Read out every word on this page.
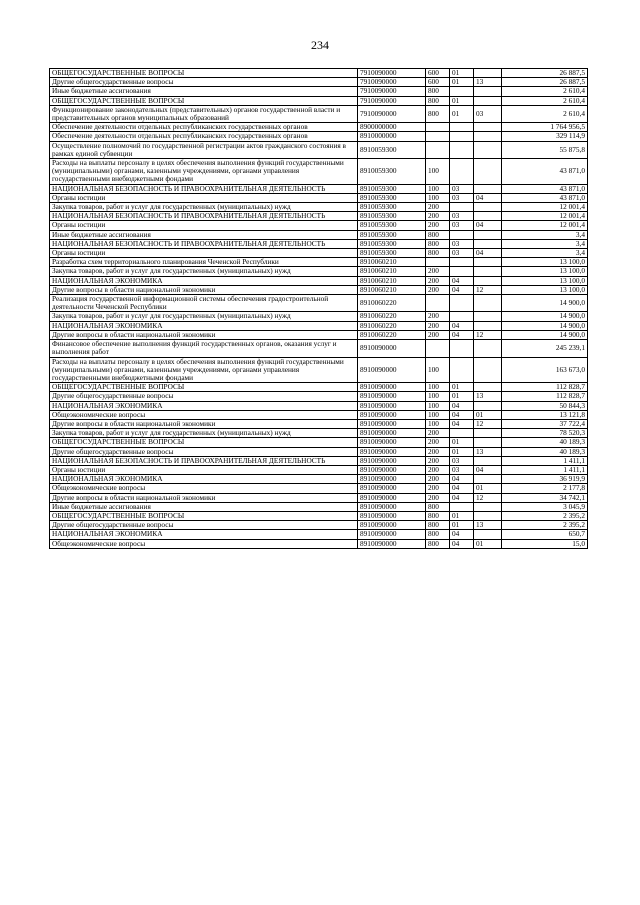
234
ОБЩЕГОСУДАРСТВЕННЫЕ ВОПРОСЫ	7910090000	600	01		26 887,5
Другие общегосударственные вопросы	7910090000	600	01	13	26 887,5
Иные бюджетные ассигнования	7910090000	800			2 610,4
ОБЩЕГОСУДАРСТВЕННЫЕ ВОПРОСЫ	7910090000	800	01		2 610,4
Функционирование законодательных (представительных) органов государственной власти и представительных органов муниципальных образований	7910090000	800	01	03	2 610,4
Обеспечение деятельности отдельных республиканских государственных органов	8900000000				1 764 956,5
Обеспечение деятельности отдельных республиканских государственных органов	8910000000				329 114,9
Осуществление полномочий по государственной регистрации актов гражданского состояния в рамках единой субвенции	8910059300				55 875,8
Расходы на выплаты персоналу в целях обеспечения выполнения функций государственными (муниципальными) органами, казенными учреждениями, органами управления государственными внебюджетными фондами	8910059300	100			43 871,0
НАЦИОНАЛЬНАЯ БЕЗОПАСНОСТЬ И ПРАВООХРАНИТЕЛЬНАЯ ДЕЯТЕЛЬНОСТЬ	8910059300	100	03		43 871,0
Органы юстиции	8910059300	100	03	04	43 871,0
Закупка товаров, работ и услуг для государственных (муниципальных) нужд	8910059300	200			12 001,4
НАЦИОНАЛЬНАЯ БЕЗОПАСНОСТЬ И ПРАВООХРАНИТЕЛЬНАЯ ДЕЯТЕЛЬНОСТЬ	8910059300	200	03		12 001,4
Органы юстиции	8910059300	200	03	04	12 001,4
Иные бюджетные ассигнования	8910059300	800			3,4
НАЦИОНАЛЬНАЯ БЕЗОПАСНОСТЬ И ПРАВООХРАНИТЕЛЬНАЯ ДЕЯТЕЛЬНОСТЬ	8910059300	800	03		3,4
Органы юстиции	8910059300	800	03	04	3,4
Разработка схем территориального планирования Чеченской Республики	8910060210				13 100,0
Закупка товаров, работ и услуг для государственных (муниципальных) нужд	8910060210	200			13 100,0
НАЦИОНАЛЬНАЯ ЭКОНОМИКА	8910060210	200	04		13 100,0
Другие вопросы в области национальной экономики	8910060210	200	04	12	13 100,0
Реализация государственной информационной системы обеспечения градостроительной деятельности Чеченской Республики	8910060220				14 900,0
Закупка товаров, работ и услуг для государственных (муниципальных) нужд	8910060220	200			14 900,0
НАЦИОНАЛЬНАЯ ЭКОНОМИКА	8910060220	200	04		14 900,0
Другие вопросы в области национальной экономики	8910060220	200	04	12	14 900,0
Финансовое обеспечение выполнения функций государственных органов, оказания услуг и выполнения работ	8910090000				245 239,1
Расходы на выплаты персоналу в целях обеспечения выполнения функций государственными (муниципальными) органами, казенными учреждениями, органами управления государственными внебюджетными фондами	8910090000	100			163 673,0
ОБЩЕГОСУДАРСТВЕННЫЕ ВОПРОСЫ	8910090000	100	01		112 828,7
Другие общегосударственные вопросы	8910090000	100	01	13	112 828,7
НАЦИОНАЛЬНАЯ ЭКОНОМИКА	8910090000	100	04		50 844,3
Общеэкономические вопросы	8910090000	100	04	01	13 121,8
Другие вопросы в области национальной экономики	8910090000	100	04	12	37 722,4
Закупка товаров, работ и услуг для государственных (муниципальных) нужд	8910090000	200			78 520,3
ОБЩЕГОСУДАРСТВЕННЫЕ ВОПРОСЫ	8910090000	200	01		40 189,3
Другие общегосударственные вопросы	8910090000	200	01	13	40 189,3
НАЦИОНАЛЬНАЯ БЕЗОПАСНОСТЬ И ПРАВООХРАНИТЕЛЬНАЯ ДЕЯТЕЛЬНОСТЬ	8910090000	200	03		1 411,1
Органы юстиции	8910090000	200	03	04	1 411,1
НАЦИОНАЛЬНАЯ ЭКОНОМИКА	8910090000	200	04		36 919,9
Общеэкономические вопросы	8910090000	200	04	01	2 177,8
Другие вопросы в области национальной экономики	8910090000	200	04	12	34 742,1
Иные бюджетные ассигнования	8910090000	800			3 045,9
ОБЩЕГОСУДАРСТВЕННЫЕ ВОПРОСЫ	8910090000	800	01		2 395,2
Другие общегосударственные вопросы	8910090000	800	01	13	2 395,2
НАЦИОНАЛЬНАЯ ЭКОНОМИКА	8910090000	800	04		650,7
Общеэкономические вопросы	8910090000	800	04	01	15,0
